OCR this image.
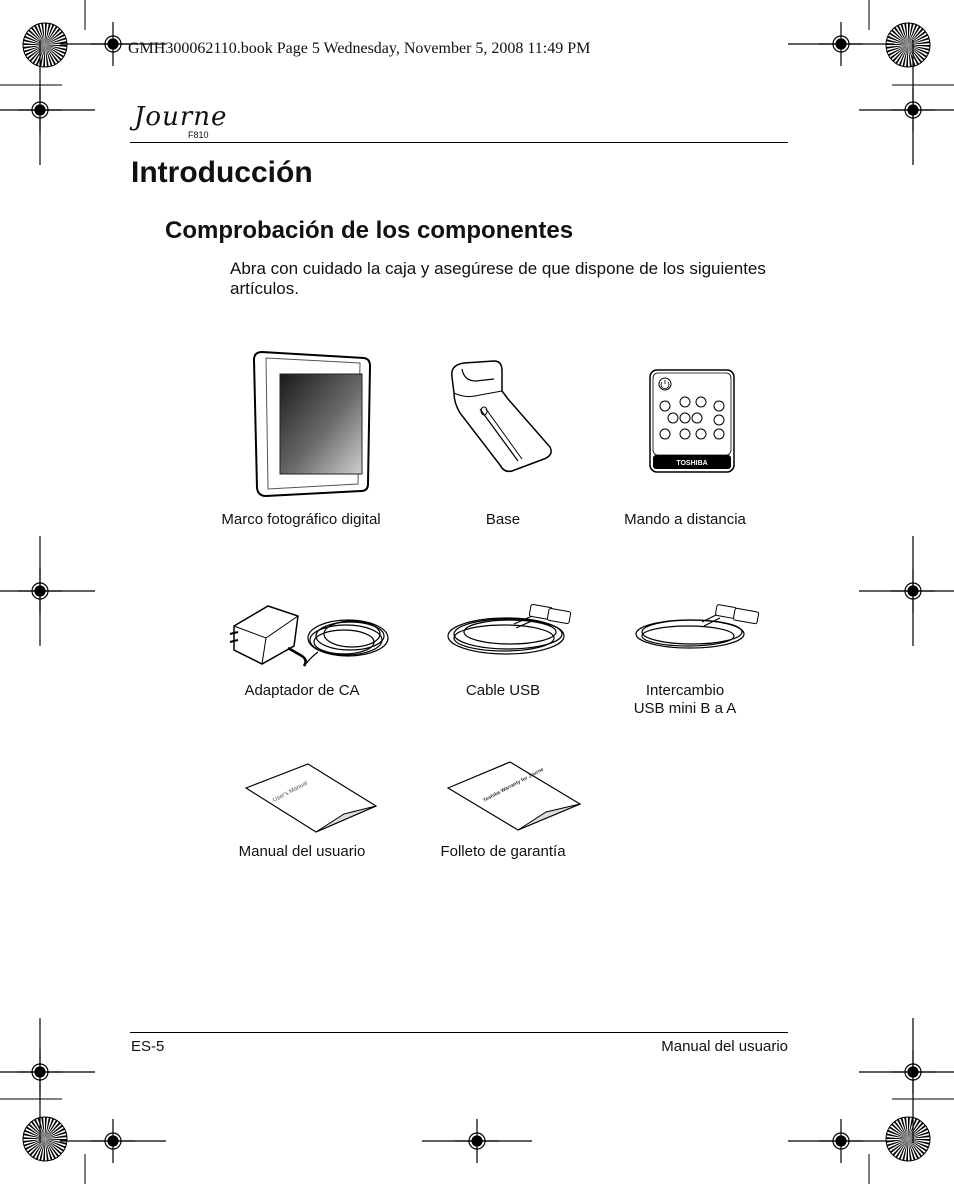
GMH300062110.book Page 5 Wednesday, November 5, 2008 11:49 PM
Journe
F810
Introducción
Comprobación de los componentes
Abra con cuidado la caja y asegúrese de que dispone de los siguientes artículos.
Marco fotográfico digital	Base
TOSHIBA
Mando a distancia
Adaptador de CA	Cable USB	Intercambio
USB mini B a A
User's Manual
Manual del usuario
Toshiba Warranty for Journe
Folleto de garantía
ES-5	Manual del usuario
